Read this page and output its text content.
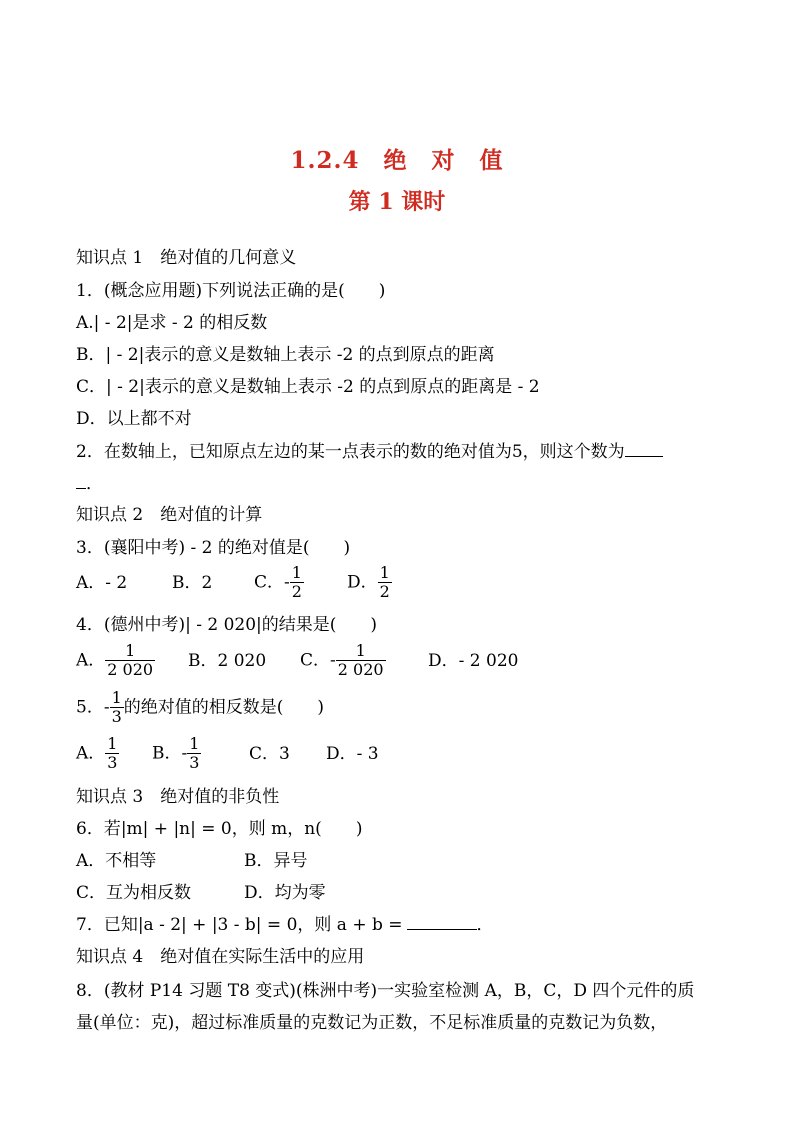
1.2.4　绝　对　值
第 1 课时
知识点 1　绝对值的几何意义
1．(概念应用题)下列说法正确的是(　　)
A.| - 2|是求 - 2 的相反数
B．| - 2|表示的意义是数轴上表示 -2 的点到原点的距离
C．| - 2|表示的意义是数轴上表示 -2 的点到原点的距离是 - 2
D．以上都不对
2．在数轴上，已知原点左边的某一点表示的数的绝对值为5，则这个数为
．
知识点 2　绝对值的计算
3．(襄阳中考) - 2 的绝对值是(　　)
A．- 2	B．2 C．- $\frac{1}{2}$	D． $\frac{1}{2}$
4．(德州中考)| - 2 020|的结果是(　　)
A． $\frac{1}{2 020}$ B．2 020 C．- $\frac{1}{2 020}$ D．- 2 020
5．- $\frac{1}{3}$ 的绝对值的相反数是(　　)
A． $\frac{1}{3}$ B．- $\frac{1}{3}$	C．3 D．- 3
知识点 3　绝对值的非负性
6．若|m| + |n| = 0，则 m，n(　　)
A．不相等	B．异号
C．互为相反数	D．均为零
7．已知|a - 2| + |3 - b| = 0，则 a + b =	．
知识点 4　绝对值在实际生活中的应用
8．(教材 P14 习题 T8 变式)(株洲中考)一实验室检测 A，B，C，D 四个元件的质
量(单位：克)，超过标准质量的克数记为正数，不足标准质量的克数记为负数，
